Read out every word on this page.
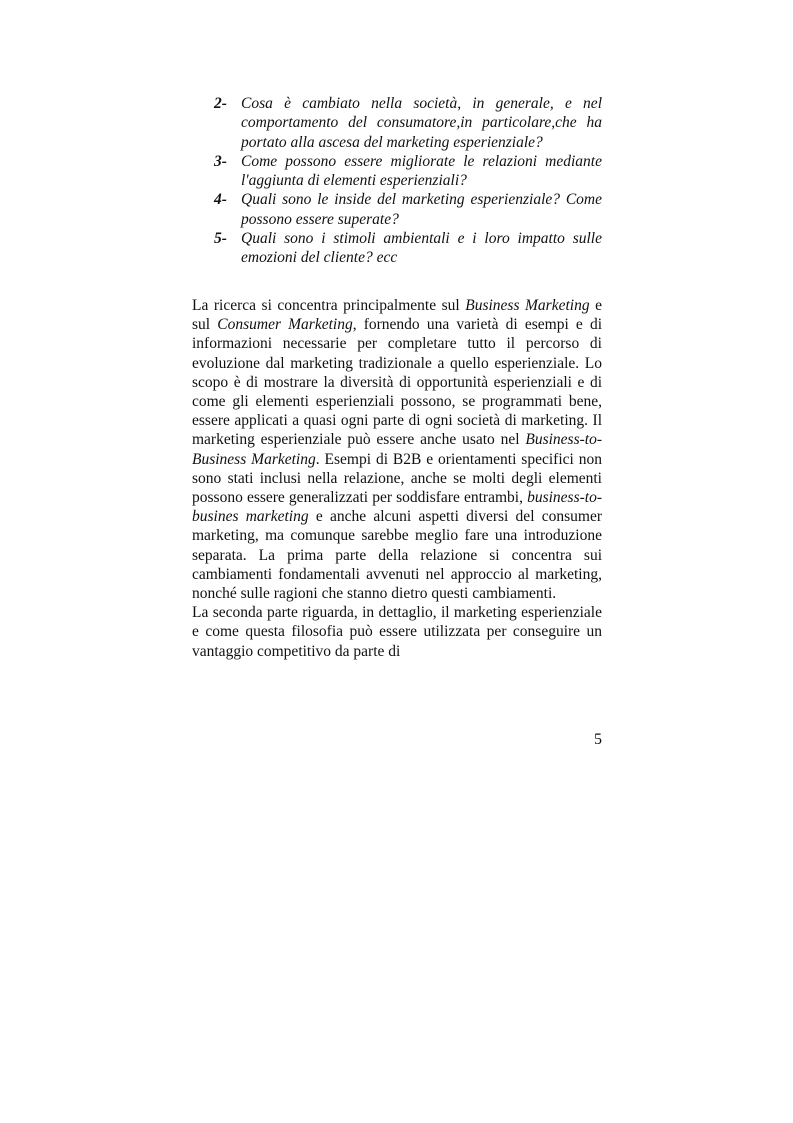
2- Cosa è cambiato nella società, in generale, e nel comportamento del consumatore,in particolare,che ha portato alla ascesa del marketing esperienziale?
3- Come possono essere migliorate le relazioni mediante l'aggiunta di elementi esperienziali?
4- Quali sono le inside del marketing esperienziale? Come possono essere superate?
5- Quali sono i stimoli ambientali e i loro impatto sulle emozioni del cliente? ecc

La ricerca si concentra principalmente sul Business Marketing e sul Consumer Marketing, fornendo una varietà di esempi e di informazioni necessarie per completare tutto il percorso di evoluzione dal marketing tradizionale a quello esperienziale. Lo scopo è di mostrare la diversità di opportunità esperienziali e di come gli elementi esperienziali possono, se programmati bene, essere applicati a quasi ogni parte di ogni società di marketing. Il marketing esperienziale può essere anche usato nel Business-to-Business Marketing. Esempi di B2B e orientamenti specifici non sono stati inclusi nella relazione, anche se molti degli elementi possono essere generalizzati per soddisfare entrambi, business-to-busines marketing e anche alcuni aspetti diversi del consumer marketing, ma comunque sarebbe meglio fare una introduzione separata. La prima parte della relazione si concentra sui cambiamenti fondamentali avvenuti nel approccio al marketing, nonché sulle ragioni che stanno dietro questi cambiamenti.

La seconda parte riguarda, in dettaglio, il marketing esperienziale e come questa filosofia può essere utilizzata per conseguire un vantaggio competitivo da parte di

5
